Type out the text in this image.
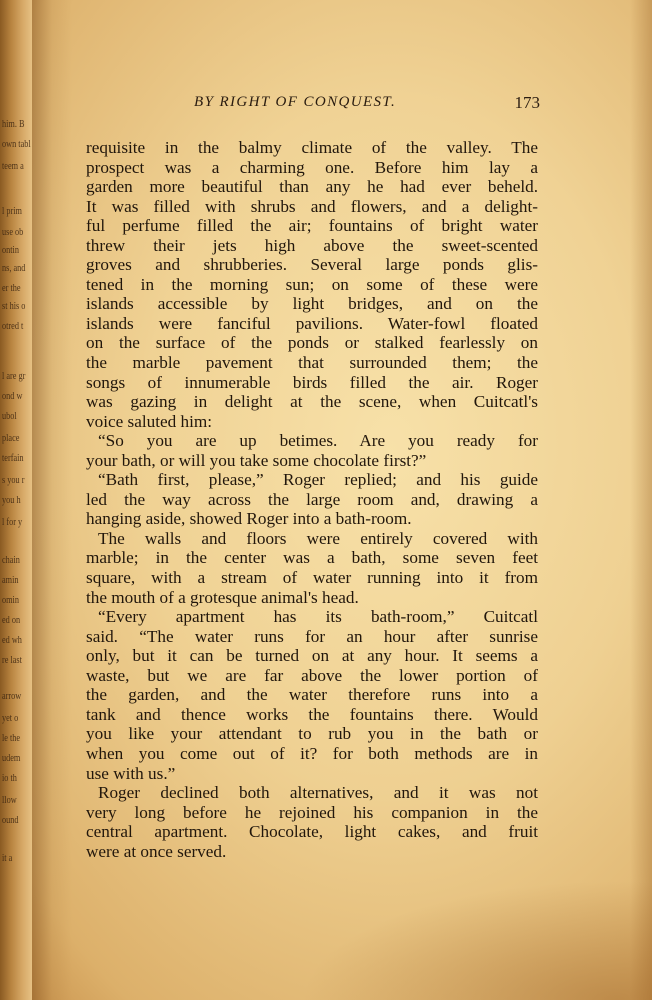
him. B
own tabl
teem a
l prim
use ob
ontin
ns, and
er the
st his o
otred t
l are gr
ond w
ubol
place
terfain
s you r
you h
l for y
chain
amin
omin
ed on
ed wh
re last
arrow
yet o
le the
udem
io th
llow
ound
it a
BY RIGHT OF CONQUEST.	173
requisite in the balmy climate of the valley. The
prospect was a charming one. Before him lay a
garden more beautiful than any he had ever beheld.
It was filled with shrubs and flowers, and a delight-
ful perfume filled the air; fountains of bright water
threw their jets high above the sweet-scented
groves and shrubberies. Several large ponds glis-
tened in the morning sun; on some of these were
islands accessible by light bridges, and on the
islands were fanciful pavilions. Water-fowl floated
on the surface of the ponds or stalked fearlessly on
the marble pavement that surrounded them; the
songs of innumerable birds filled the air. Roger
was gazing in delight at the scene, when Cuitcatl's
voice saluted him:
“So you are up betimes. Are you ready for
your bath, or will you take some chocolate first?”
“Bath first, please,” Roger replied; and his guide
led the way across the large room and, drawing a
hanging aside, showed Roger into a bath-room.
The walls and floors were entirely covered with
marble; in the center was a bath, some seven feet
square, with a stream of water running into it from
the mouth of a grotesque animal's head.
“Every apartment has its bath-room,” Cuitcatl
said. “The water runs for an hour after sunrise
only, but it can be turned on at any hour. It seems a
waste, but we are far above the lower portion of
the garden, and the water therefore runs into a
tank and thence works the fountains there. Would
you like your attendant to rub you in the bath or
when you come out of it? for both methods are in
use with us.”
Roger declined both alternatives, and it was not
very long before he rejoined his companion in the
central apartment. Chocolate, light cakes, and fruit
were at once served.
